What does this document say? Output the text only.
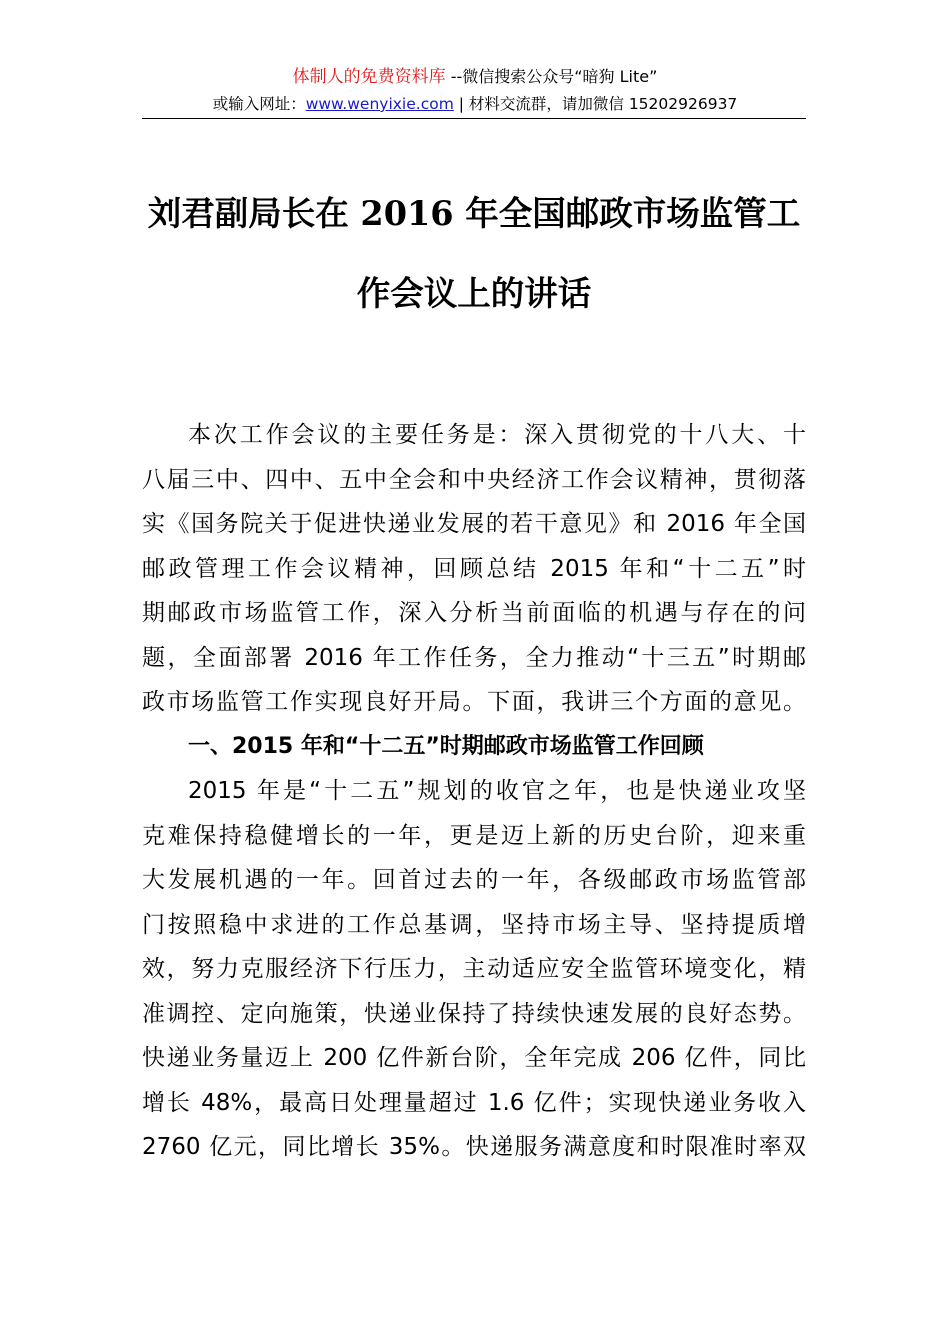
体制人的免费资料库 --微信搜索公众号“暗狗 Lite”
或输入网址：www.wenyixie.com | 材料交流群，请加微信 15202926937
刘君副局长在 2016 年全国邮政市场监管工
作会议上的讲话
本次工作会议的主要任务是：深入贯彻党的十八大、十
八届三中、四中、五中全会和中央经济工作会议精神，贯彻落
实《国务院关于促进快递业发展的若干意见》和 2016 年全国
邮政管理工作会议精神，回顾总结 2015 年和“十二五”时
期邮政市场监管工作，深入分析当前面临的机遇与存在的问
题，全面部署 2016 年工作任务，全力推动“十三五”时期邮
政市场监管工作实现良好开局。下面，我讲三个方面的意见。
一、2015 年和“十二五”时期邮政市场监管工作回顾
2015 年是“十二五”规划的收官之年，也是快递业攻坚
克难保持稳健增长的一年，更是迈上新的历史台阶，迎来重
大发展机遇的一年。回首过去的一年，各级邮政市场监管部
门按照稳中求进的工作总基调，坚持市场主导、坚持提质增
效，努力克服经济下行压力，主动适应安全监管环境变化，精
准调控、定向施策，快递业保持了持续快速发展的良好态势。
快递业务量迈上 200 亿件新台阶，全年完成 206 亿件，同比
增长 48%，最高日处理量超过 1.6 亿件；实现快递业务收入
2760 亿元，同比增长 35%。快递服务满意度和时限准时率双
